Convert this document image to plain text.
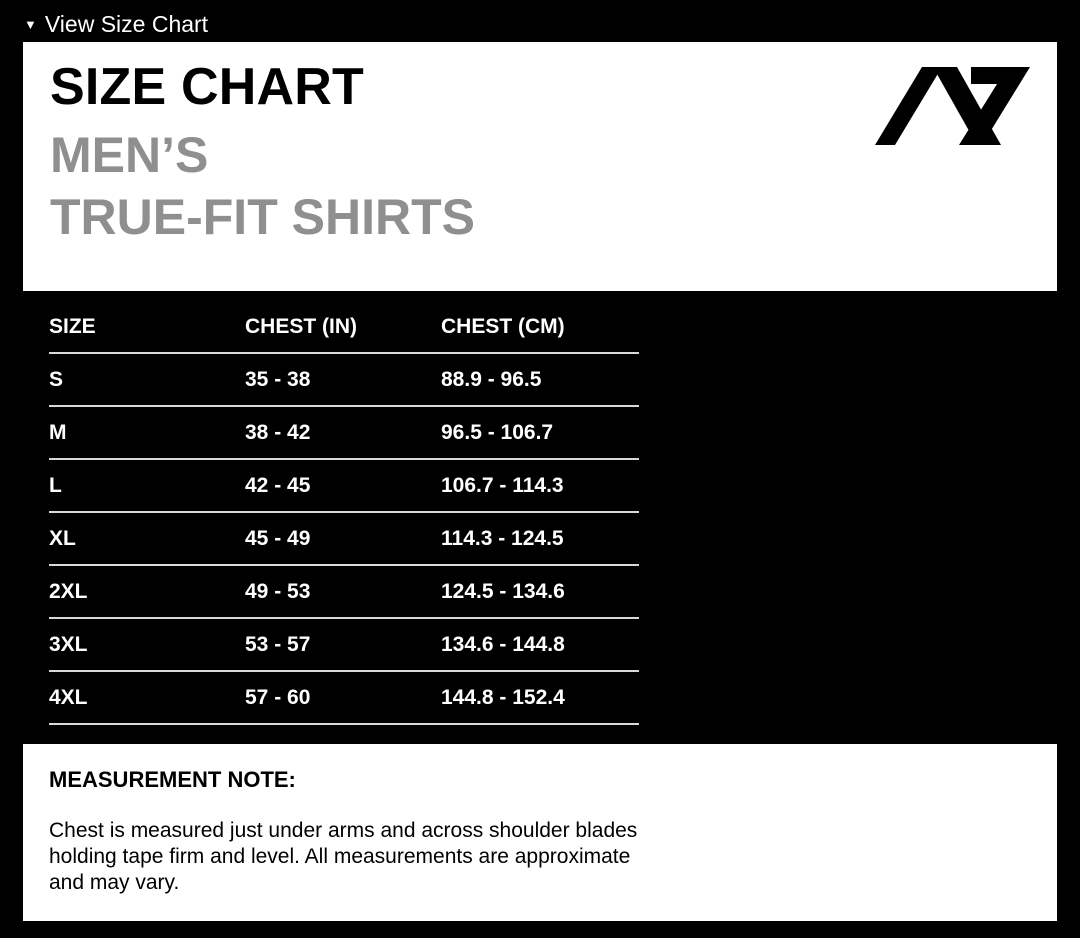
▼ View Size Chart
SIZE CHART
MEN’S
TRUE-FIT SHIRTS
SIZE	CHEST (IN)	CHEST (CM)
S	35 - 38	88.9 - 96.5
M	38 - 42	96.5 - 106.7
L	42 - 45	106.7 - 114.3
XL	45 - 49	114.3 - 124.5
2XL	49 - 53	124.5 - 134.6
3XL	53 - 57	134.6 - 144.8
4XL	57 - 60	144.8 - 152.4
MEASUREMENT NOTE:
Chest is measured just under arms and across shoulder blades
holding tape firm and level. All measurements are approximate
and may vary.
